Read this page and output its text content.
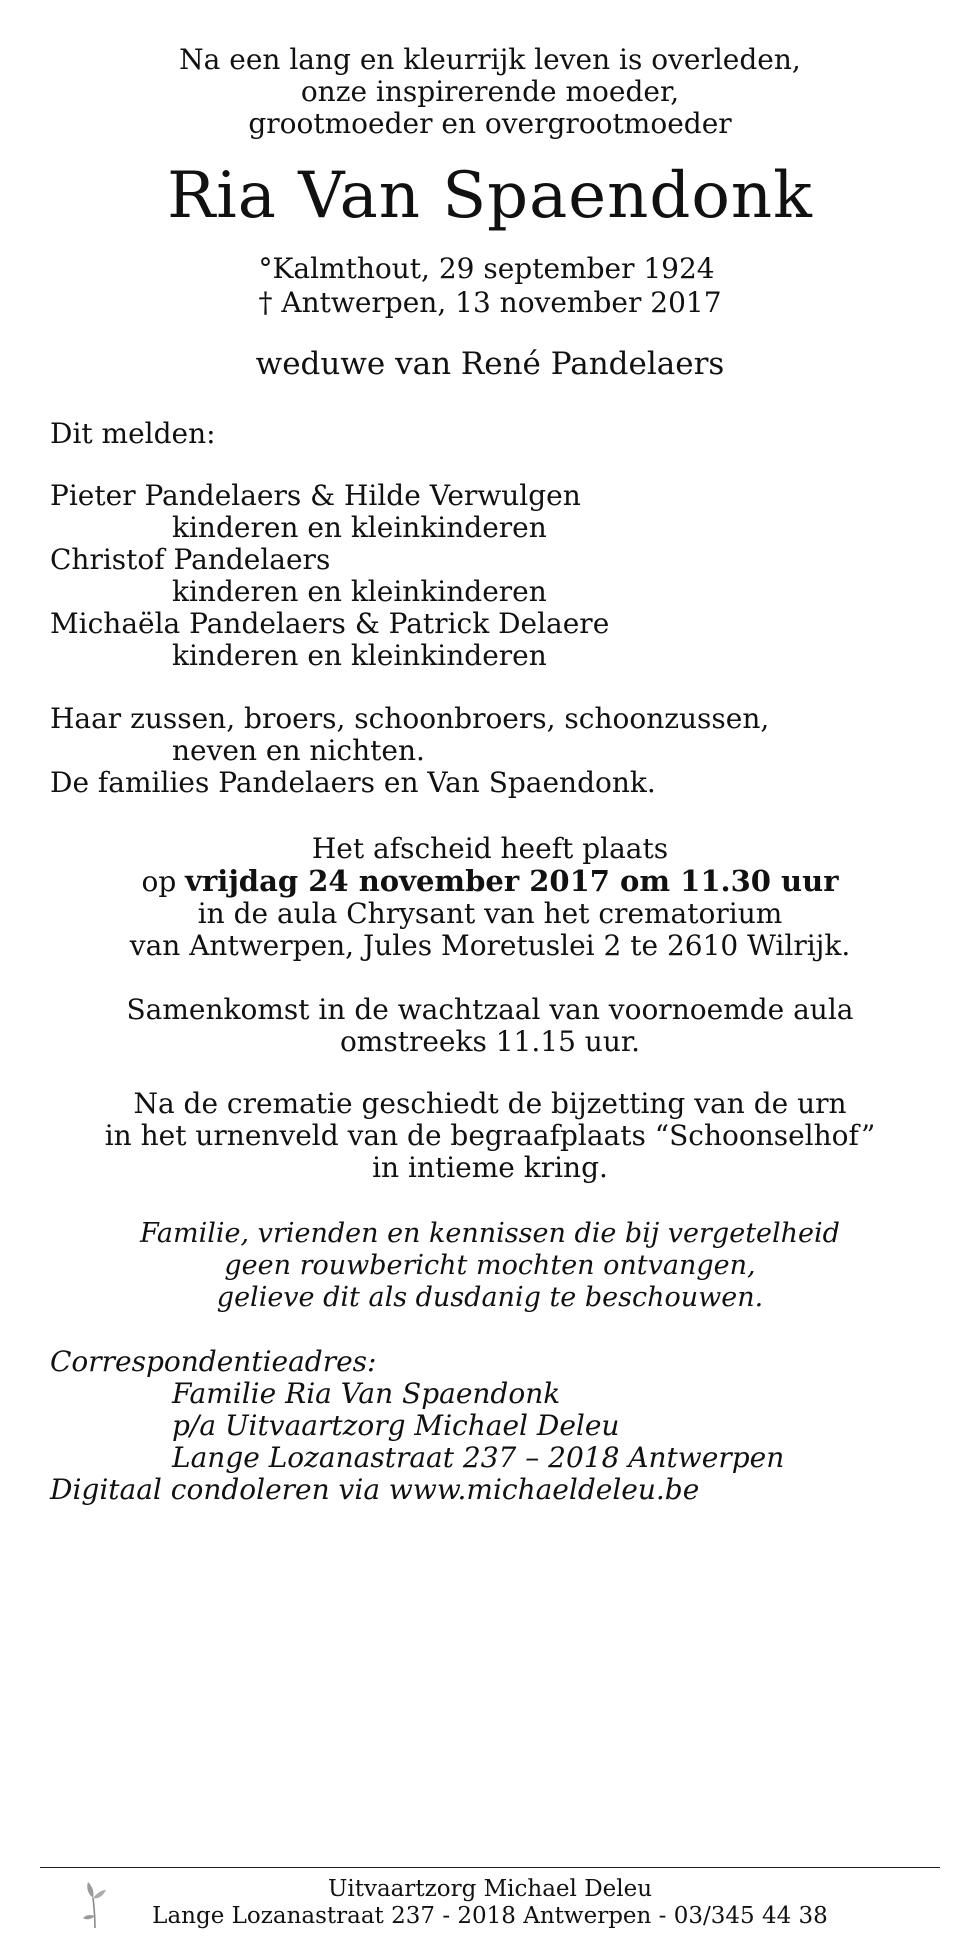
Na een lang en kleurrijk leven is overleden,
onze inspirerende moeder,
grootmoeder en overgrootmoeder
Ria Van Spaendonk
°Kalmthout, 29 september 1924
† Antwerpen, 13 november 2017
weduwe van René Pandelaers
Dit melden:
Pieter Pandelaers & Hilde Verwulgen
kinderen en kleinkinderen
Christof Pandelaers
kinderen en kleinkinderen
Michaëla Pandelaers & Patrick Delaere
kinderen en kleinkinderen
Haar zussen, broers, schoonbroers, schoonzussen,
neven en nichten.
De families Pandelaers en Van Spaendonk.
Het afscheid heeft plaats
op vrijdag 24 november 2017 om 11.30 uur
in de aula Chrysant van het crematorium
van Antwerpen, Jules Moretuslei 2 te 2610 Wilrijk.
Samenkomst in de wachtzaal van voornoemde aula
omstreeks 11.15 uur.
Na de crematie geschiedt de bijzetting van de urn
in het urnenveld van de begraafplaats “Schoonselhof”
in intieme kring.
Familie, vrienden en kennissen die bij vergetelheid
geen rouwbericht mochten ontvangen,
gelieve dit als dusdanig te beschouwen.
Correspondentieadres:
Familie Ria Van Spaendonk
p/a Uitvaartzorg Michael Deleu
Lange Lozanastraat 237 – 2018 Antwerpen
Digitaal condoleren via www.michaeldeleu.be
Uitvaartzorg Michael Deleu
Lange Lozanastraat 237 - 2018 Antwerpen - 03/345 44 38
